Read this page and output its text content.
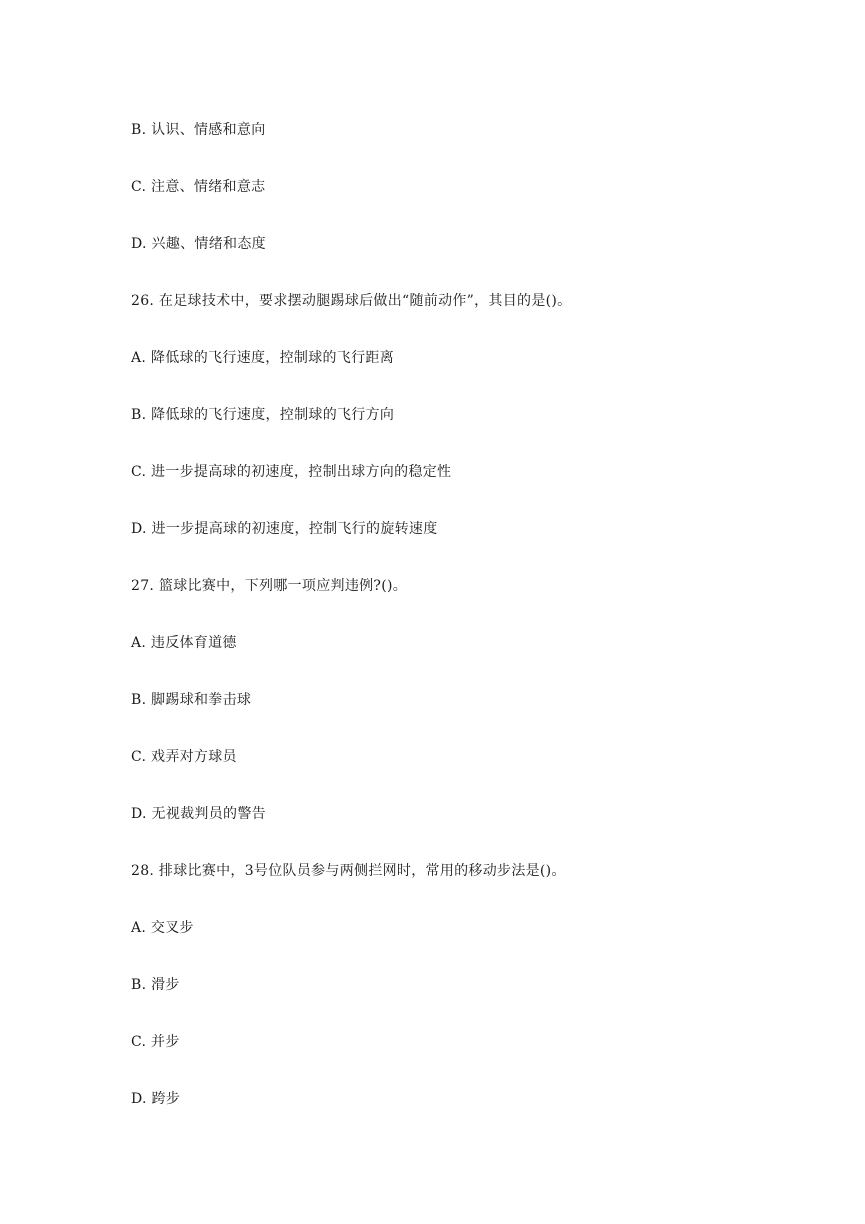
B. 认识、情感和意向
C. 注意、情绪和意志
D. 兴趣、情绪和态度
26. 在足球技术中，要求摆动腿踢球后做出“随前动作”，其目的是()。
A. 降低球的飞行速度，控制球的飞行距离
B. 降低球的飞行速度，控制球的飞行方向
C. 进一步提高球的初速度，控制出球方向的稳定性
D. 进一步提高球的初速度，控制飞行的旋转速度
27. 篮球比赛中，下列哪一项应判违例?()。
A. 违反体育道德
B. 脚踢球和拳击球
C. 戏弄对方球员
D. 无视裁判员的警告
28. 排球比赛中，3号位队员参与两侧拦网时，常用的移动步法是()。
A. 交叉步
B. 滑步
C. 并步
D. 跨步
